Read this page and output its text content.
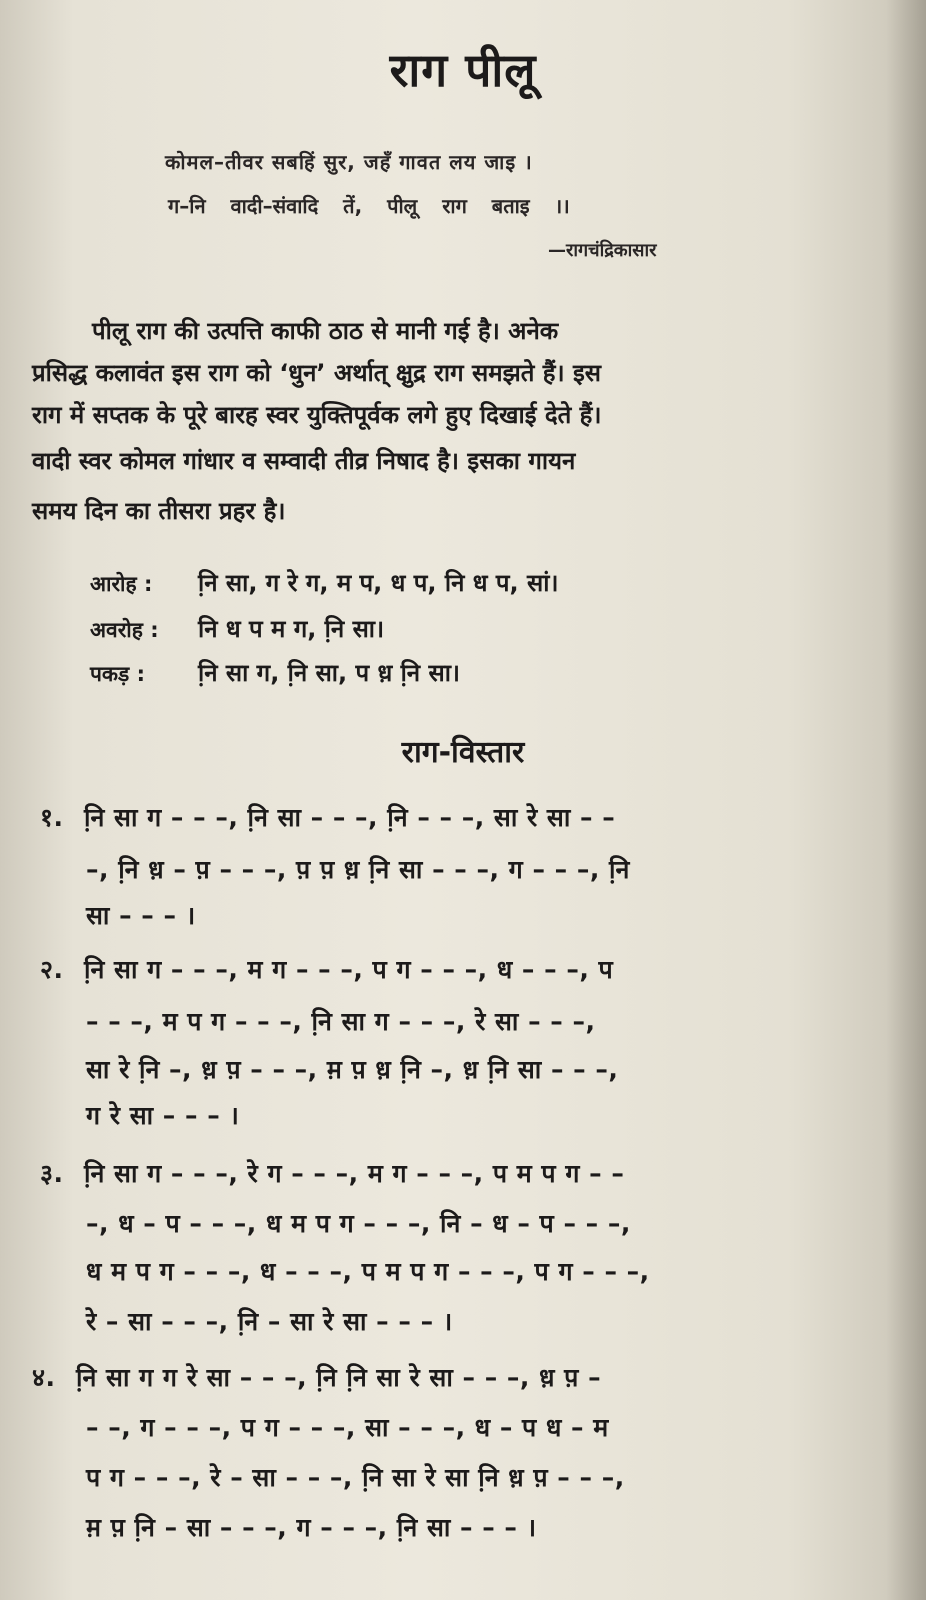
राग पीलू
कोमल–तीवर सबहिं सुर, जहँ गावत लय जाइ ।
ग–नि वादी–संवादि तें, पीलू राग बताइ ।।
—रागचंद्रिकासार
पीलू राग की उत्पत्ति काफी ठाठ से मानी गई है। अनेक
प्रसिद्ध कलावंत इस राग को ‘धुन’ अर्थात् क्षुद्र राग समझते हैं। इस
राग में सप्तक के पूरे बारह स्वर युक्तिपूर्वक लगे हुए दिखाई देते हैं।
वादी स्वर कोमल गांधार व सम्वादी तीव्र निषाद है। इसका गायन
समय दिन का तीसरा प्रहर है।
आरोह : नि़ सा, ग रे ग, म प, ध प, नि ध प, सां।
अवरोह : नि ध प म ग, नि़ सा।
पकड़ : नि़ सा ग, नि़ सा, प ध़ नि़ सा।
राग-विस्तार
१. नि़ सा ग – – –, नि़ सा – – –, नि़ – – –, सा रे सा – –
–, नि़ ध़ – प़ – – –, प़ प़ ध़ नि़ सा – – –, ग – – –, नि़
सा – – – ।
२. नि़ सा ग – – –, म ग – – –, प ग – – –, ध – – –, प
– – –, म प ग – – –, नि़ सा ग – – –, रे सा – – –,
सा रे नि़ –, ध़ प़ – – –, म़ प़ ध़ नि़ –, ध़ नि़ सा – – –,
ग रे सा – – – ।
३. नि़ सा ग – – –, रे ग – – –, म ग – – –, प म प ग – –
–, ध – प – – –, ध म प ग – – –, नि – ध – प – – –,
ध म प ग – – –, ध – – –, प म प ग – – –, प ग – – –,
रे – सा – – –, नि़ – सा रे सा – – – ।
४. नि़ सा ग ग रे सा – – –, नि़ नि़ सा रे सा – – –, ध़ प़ –
– –, ग – – –, प ग – – –, सा – – –, ध – प ध – म
प ग – – –, रे – सा – – –, नि़ सा रे सा नि़ ध़ प़ – – –,
म़ प़ नि़ – सा – – –, ग – – –, नि़ सा – – – ।
